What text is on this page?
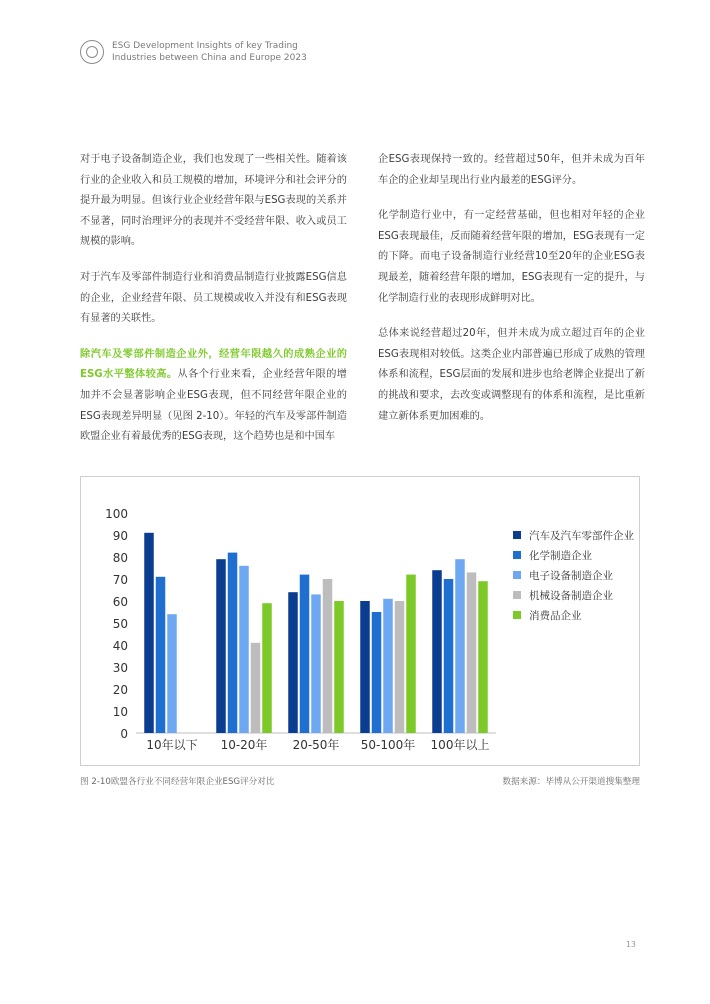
ESG Development Insights of key Trading
Industries between China and Europe 2023

对于电子设备制造企业，我们也发现了一些相关性。随着该行业的企业收入和员工规模的增加，环境评分和社会评分的提升最为明显。但该行业企业经营年限与ESG表现的关系并不显著，同时治理评分的表现并不受经营年限、收入或员工规模的影响。

对于汽车及零部件制造行业和消费品制造行业披露ESG信息的企业，企业经营年限、员工规模或收入并没有和ESG表现有显著的关联性。

除汽车及零部件制造企业外，经营年限越久的成熟企业的ESG水平整体较高。从各个行业来看，企业经营年限的增加并不会显著影响企业ESG表现，但不同经营年限企业的ESG表现差异明显（见图 2-10）。年轻的汽车及零部件制造欧盟企业有着最优秀的ESG表现，这个趋势也是和中国车

企ESG表现保持一致的。经营超过50年，但并未成为百年车企的企业却呈现出行业内最差的ESG评分。

化学制造行业中，有一定经营基础，但也相对年轻的企业ESG表现最佳，反而随着经营年限的增加，ESG表现有一定的下降。而电子设备制造行业经营10至20年的企业ESG表现最差，随着经营年限的增加，ESG表现有一定的提升，与化学制造行业的表现形成鲜明对比。

总体来说经营超过20年，但并未成为成立超过百年的企业ESG表现相对较低。这类企业内部普遍已形成了成熟的管理体系和流程，ESG层面的发展和进步也给老牌企业提出了新的挑战和要求，去改变或调整现有的体系和流程，是比重新建立新体系更加困难的。

0
10
20
30
40
50
60
70
80
90
100
10年以下 10-20年 20-50年 50-100年 100年以上
汽车及汽车零部件企业
化学制造企业
电子设备制造企业
机械设备制造企业
消费品企业
图 2-10欧盟各行业不同经营年限企业ESG评分对比	数据来源：毕博从公开渠道搜集整理
13
